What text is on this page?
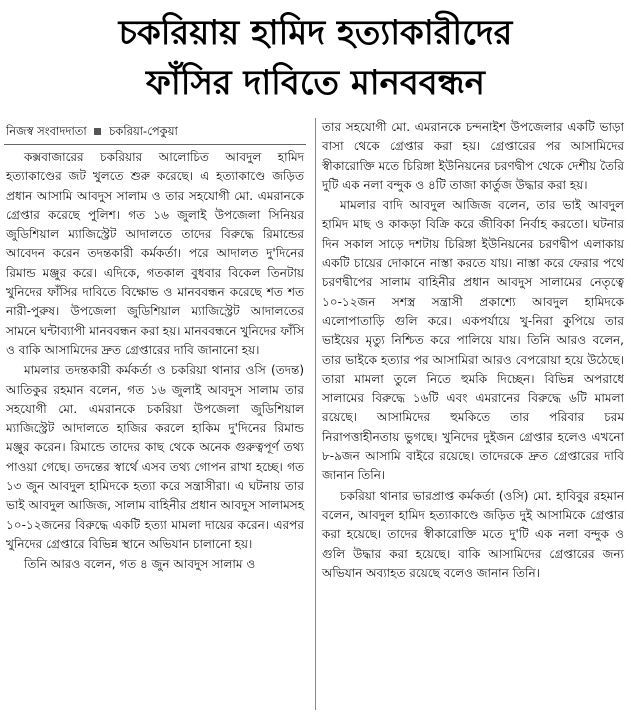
চকরিয়ায় হামিদ হত্যাকারীদের
ফাঁসির দাবিতে মানববন্ধন
নিজস্ব সংবাদদাতা চকরিয়া-পেকুয়া

কক্সবাজারের চকরিয়ার আলোচিত আবদুল হামিদ হত্যাকাণ্ডের জট খুলতে শুরু করেছে। এ হত্যাকাণ্ডে জড়িত প্রধান আসামি আবদুস সালাম ও তার সহযোগী মো. এমরানকে গ্রেপ্তার করেছে পুলিশ। গত ১৬ জুলাই উপজেলা সিনিয়র জুডিশিয়াল ম্যাজিস্ট্রেট আদালতে তাদের বিরুদ্ধে রিমান্ডের আবেদন করেন তদন্তকারী কর্মকর্তা। পরে আদালত দু'দিনের রিমান্ড মঞ্জুর করে। এদিকে, গতকাল বুধবার বিকেল তিনটায় খুনিদের ফাঁসির দাবিতে বিক্ষোভ ও মানববন্ধন করেছে শত শত নারী-পুরুষ। উপজেলা জুডিশিয়াল ম্যাজিস্ট্রেট আদালতের সামনে ঘন্টাব্যাপী মানববন্ধন করা হয়। মানববন্ধনে খুনিদের ফাঁসি ও বাকি আসামিদের দ্রুত গ্রেপ্তারের দাবি জানানো হয়।

মামলার তদন্তকারী কর্মকর্তা ও চকরিয়া থানার ওসি (তদন্ত) আতিকুর রহমান বলেন, গত ১৬ জুলাই আবদুস সালাম তার সহযোগী মো. এমরানকে চকরিয়া উপজেলা জুডিশিয়াল ম্যাজিস্ট্রেট আদালতে হাজির করলে হাকিম দু'দিনের রিমান্ড মঞ্জুর করেন। রিমান্ডে তাদের কাছ থেকে অনেক গুরুত্বপূর্ণ তথ্য পাওয়া গেছে। তদন্তের স্বার্থে এসব তথ্য গোপন রাখা হচ্ছে। গত ১৩ জুন আবদুল হামিদকে হত্যা করে সন্ত্রাসীরা। এ ঘটনায় তার ভাই আবদুল আজিজ, সালাম বাহিনীর প্রধান আবদুস সালামসহ ১০-১২জনের বিরুদ্ধে একটি হত্যা মামলা দায়ের করেন। এরপর খুনিদের গ্রেপ্তারে বিভিন্ন স্থানে অভিযান চালানো হয়।

তিনি আরও বলেন, গত ৪ জুন আবদুস সালাম ও

তার সহযোগী মো. এমরানকে চন্দনাইশ উপজেলার একটি ভাড়া বাসা থেকে গ্রেপ্তার করা হয়। গ্রেপ্তারের পর আসামিদের স্বীকারোক্তি মতে চিরিঙ্গা ইউনিয়নের চরণদ্বীপ থেকে দেশীয় তৈরি দুটি এক নলা বন্দুক ও ৪টি তাজা কার্তুজ উদ্ধার করা হয়।

মামলার বাদি আবদুল আজিজ বলেন, তার ভাই আবদুল হামিদ মাছ ও কাকড়া বিক্রি করে জীবিকা নির্বাহ করতো। ঘটনার দিন সকাল সাড়ে দশটায় চিরিঙ্গা ইউনিয়নের চরণদ্বীপ এলাকায় একটি চায়ের দোকানে নাস্তা করতে যায়। নাস্তা করে ফেরার পথে চরণদ্বীপের সালাম বাহিনীর প্রধান আবদুস সালামের নেতৃত্বে ১০-১২জন সশস্ত্র সন্ত্রাসী প্রকাশ্যে আবদুল হামিদকে এলোপাতাড়ি গুলি করে। একপর্যায়ে খু-নিরা কুপিয়ে তার ভাইয়ের মৃত্যু নিশ্চিত করে পালিয়ে যায়। তিনি আরও বলেন, তার ভাইকে হত্যার পর আসামিরা আরও বেপরোয়া হয়ে উঠেছে। তারা মামলা তুলে নিতে হুমকি দিচ্ছেন। বিভিন্ন অপরাধে সালামের বিরুদ্ধে ১৬টি এবং এমরানের বিরুদ্ধে ৬টি মামলা রয়েছে। আসামিদের হুমকিতে তার পরিবার চরম নিরাপত্তাহীনতায় ভুগছে। খুনিদের দুইজন গ্রেপ্তার হলেও এখনো ৮-৯জন আসামি বাইরে রয়েছে। তাদেরকে দ্রুত গ্রেপ্তারের দাবি জানান তিনি।

চকরিয়া থানার ভারপ্রাপ্ত কর্মকর্তা (ওসি) মো. হাবিবুর রহমান বলেন, আবদুল হামিদ হত্যাকাণ্ডে জড়িত দুই আসামিকে গ্রেপ্তার করা হয়েছে। তাদের স্বীকারোক্তি মতে দু'টি এক নলা বন্দুক ও গুলি উদ্ধার করা হয়েছে। বাকি আসামিদের গ্রেপ্তারের জন্য অভিযান অব্যাহত রয়েছে বলেও জানান তিনি।
